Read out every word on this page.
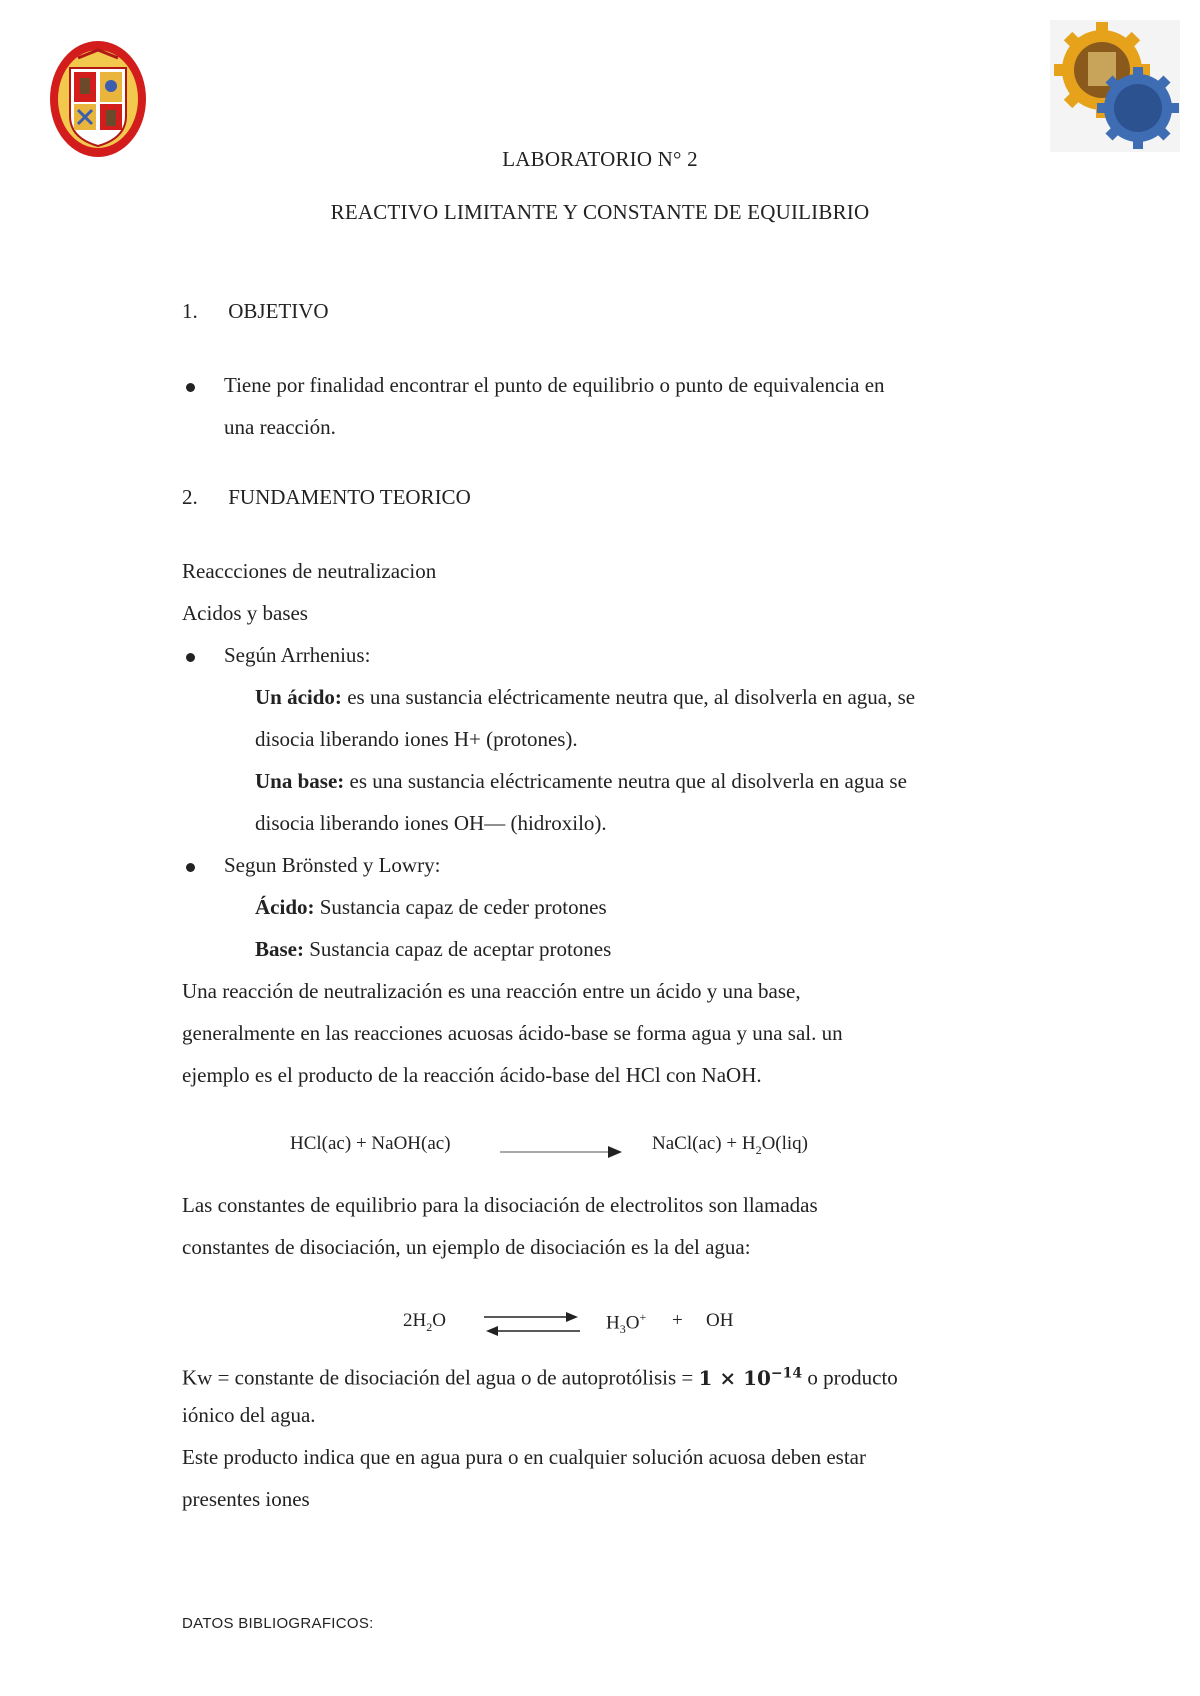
LABORATORIO N° 2
REACTIVO LIMITANTE Y CONSTANTE DE EQUILIBRIO
1. OBJETIVO
Tiene por finalidad encontrar el punto de equilibrio o punto de equivalencia en
una reacción.
2. FUNDAMENTO TEORICO
Reaccciones de neutralizacion
Acidos y bases
Según Arrhenius:
Un ácido: es una sustancia eléctricamente neutra que, al disolverla en agua, se
disocia liberando iones H+ (protones).
Una base: es una sustancia eléctricamente neutra que al disolverla en agua se
disocia liberando iones OH— (hidroxilo).
Segun Brönsted y Lowry:
Ácido: Sustancia capaz de ceder protones
Base: Sustancia capaz de aceptar protones
Una reacción de neutralización es una reacción entre un ácido y una base,
generalmente en las reacciones acuosas ácido-base se forma agua y una sal. un
ejemplo es el producto de la reacción ácido-base del HCl con NaOH.
HCl(ac) + NaOH(ac)	NaCl(ac) + $H_2O(liq)$
Las constantes de equilibrio para la disociación de electrolitos son llamadas
constantes de disociación, un ejemplo de disociación es la del agua:
$2H_2O$	$H_3O^+$ + OH
Kw = constante de disociación del agua o de autoprotólisis = $1 \times 10^{-14}$ o producto
iónico del agua.
Este producto indica que en agua pura o en cualquier solución acuosa deben estar
presentes iones
DATOS BIBLIOGRAFICOS:
